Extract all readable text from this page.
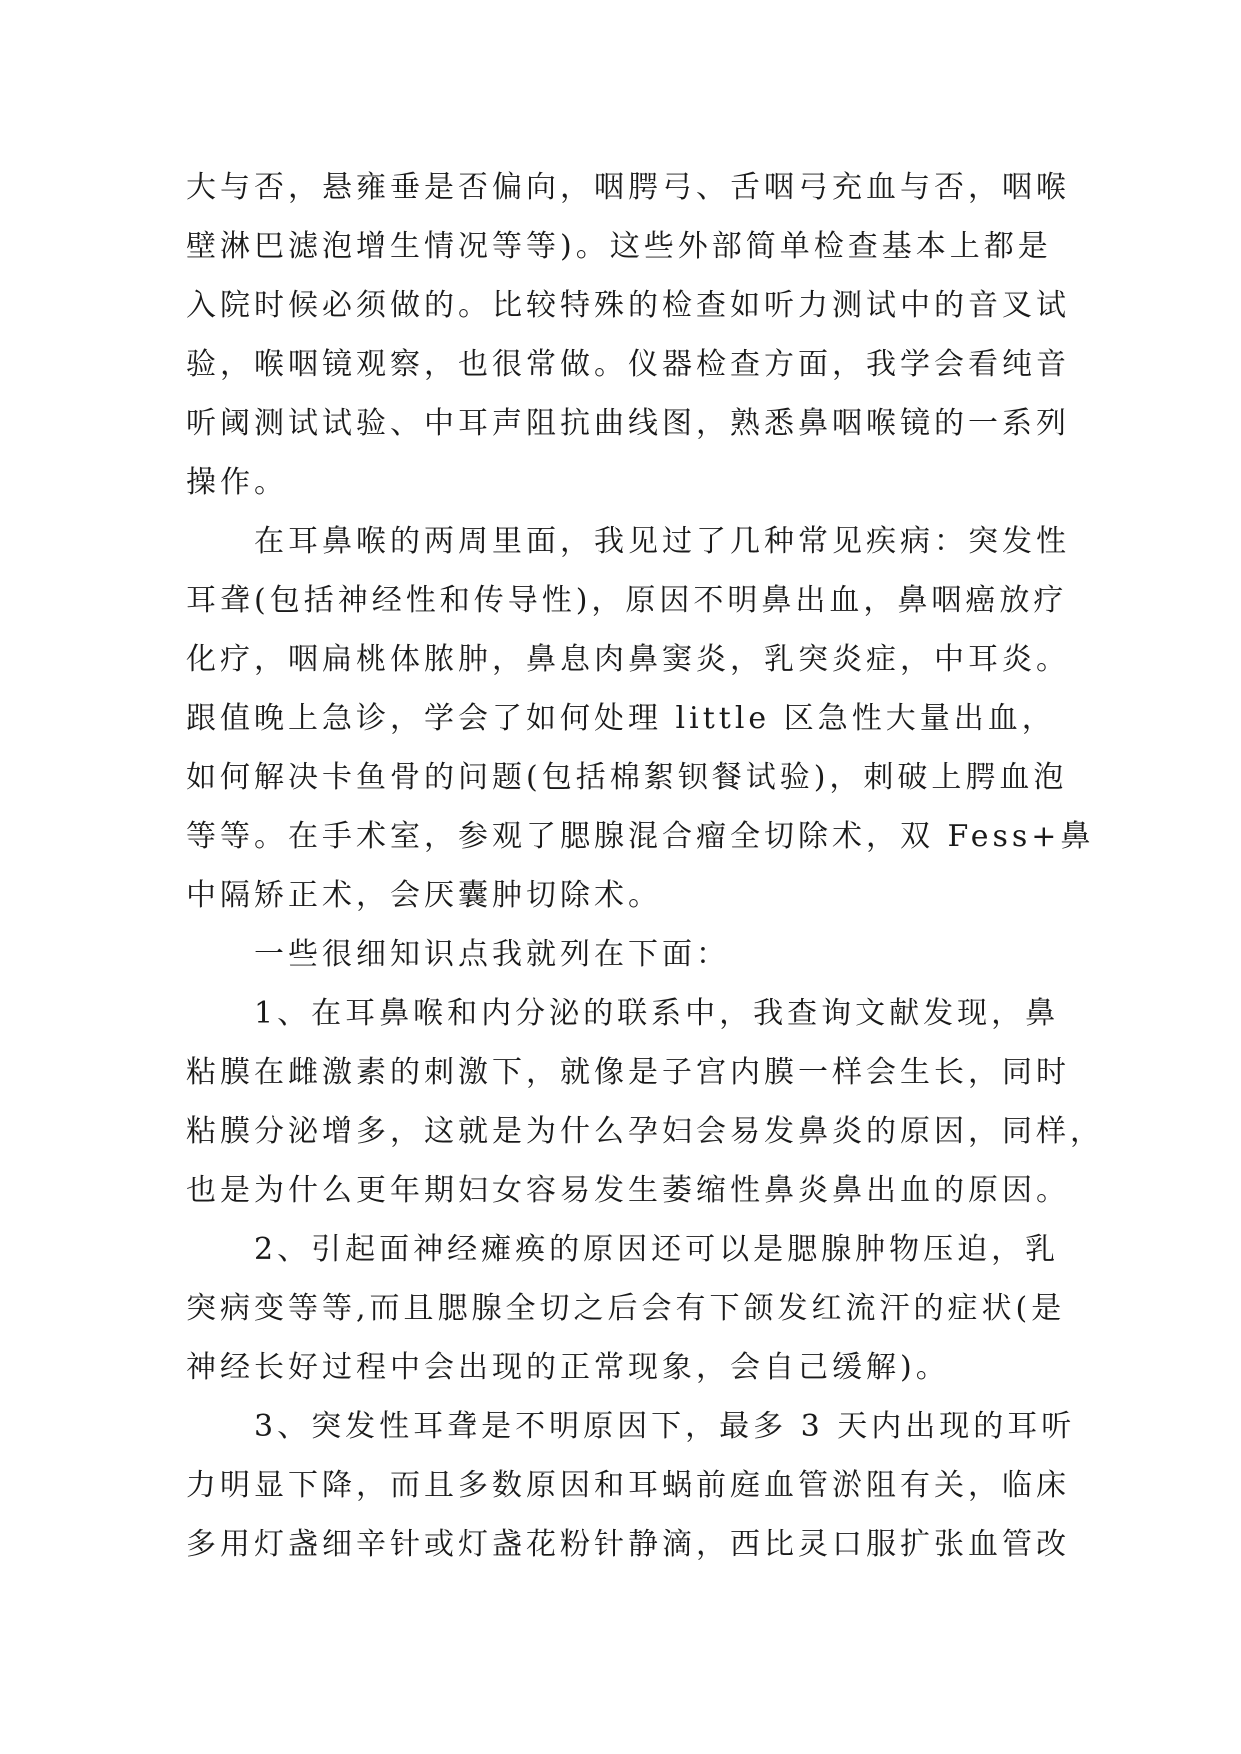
大与否，悬雍垂是否偏向，咽腭弓、舌咽弓充血与否，咽喉
壁淋巴滤泡增生情况等等)。这些外部简单检查基本上都是
入院时候必须做的。比较特殊的检查如听力测试中的音叉试
验，喉咽镜观察，也很常做。仪器检查方面，我学会看纯音
听阈测试试验、中耳声阻抗曲线图，熟悉鼻咽喉镜的一系列
操作。
在耳鼻喉的两周里面，我见过了几种常见疾病：突发性
耳聋(包括神经性和传导性)，原因不明鼻出血，鼻咽癌放疗
化疗，咽扁桃体脓肿，鼻息肉鼻窦炎，乳突炎症，中耳炎。
跟值晚上急诊，学会了如何处理 little 区急性大量出血，
如何解决卡鱼骨的问题(包括棉絮钡餐试验)，刺破上腭血泡
等等。在手术室，参观了腮腺混合瘤全切除术，双 Fess+鼻
中隔矫正术，会厌囊肿切除术。
一些很细知识点我就列在下面：
1、在耳鼻喉和内分泌的联系中，我查询文献发现，鼻
粘膜在雌激素的刺激下，就像是子宫内膜一样会生长，同时
粘膜分泌增多，这就是为什么孕妇会易发鼻炎的原因，同样，
也是为什么更年期妇女容易发生萎缩性鼻炎鼻出血的原因。
2、引起面神经瘫痪的原因还可以是腮腺肿物压迫，乳
突病变等等,而且腮腺全切之后会有下颌发红流汗的症状(是
神经长好过程中会出现的正常现象，会自己缓解)。
3、突发性耳聋是不明原因下，最多 3 天内出现的耳听
力明显下降，而且多数原因和耳蜗前庭血管淤阻有关，临床
多用灯盏细辛针或灯盏花粉针静滴，西比灵口服扩张血管改
